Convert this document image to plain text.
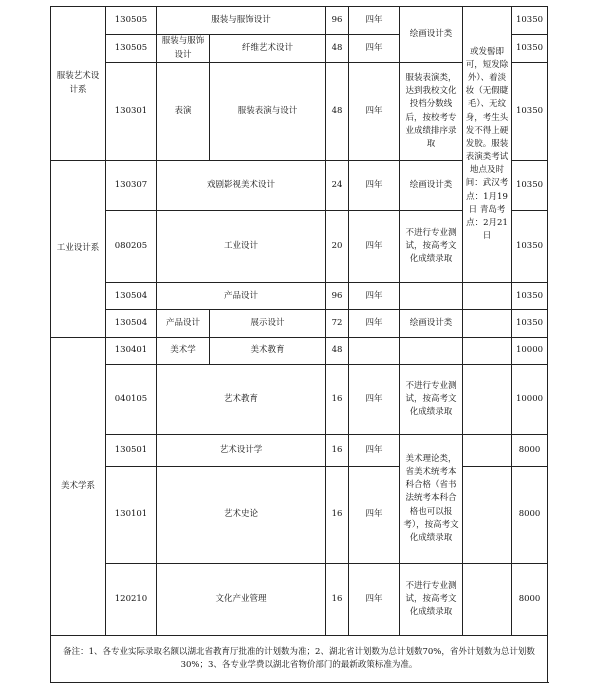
服装艺术设计系	130505	服装与服饰设计		96	四年	绘画设计类	或发髻即可，短发除外）、着淡妆（无假睫毛）、无纹身，考生头发不得上硬发胶。服装表演类考试地点及时间：武汉考点：1月19日 青岛考点：2月21日	10350	
	130505	服装与服饰设计	纤维艺术设计	48	四年			10350	
	130301	表演	服装表演与设计	48	四年	服装表演类，达到我校文化投档分数线后，按校考专业成绩排序录取		10350	
工业设计系	130307	戏剧影视美术设计		24	四年	绘画设计类		10350	
	080205	工业设计		20	四年	不进行专业测试，按高考文化成绩录取		10350	
	130504	产品设计		96	四年			10350	
	130504	产品设计	展示设计	72	四年	绘画设计类		10350	
美术学系	130401	美术学	美术教育	48				10000	
	040105	艺术教育		16	四年	不进行专业测试，按高考文化成绩录取		10000	
	130501	艺术设计学		16	四年	美术理论类，省美术统考本科合格（省书法统考本科合格也可以报考），按高考文化成绩录取		8000	
	130101	艺术史论		16	四年			8000	
	120210	文化产业管理		16	四年	不进行专业测试，按高考文化成绩录取		8000	
备注：1、各专业实际录取名额以湖北省教育厅批准的计划数为准；2、湖北省计划数为总计划数70%，省外计划数为总计划数30%；3、各专业学费以湖北省物价部门的最新政策标准为准。									
